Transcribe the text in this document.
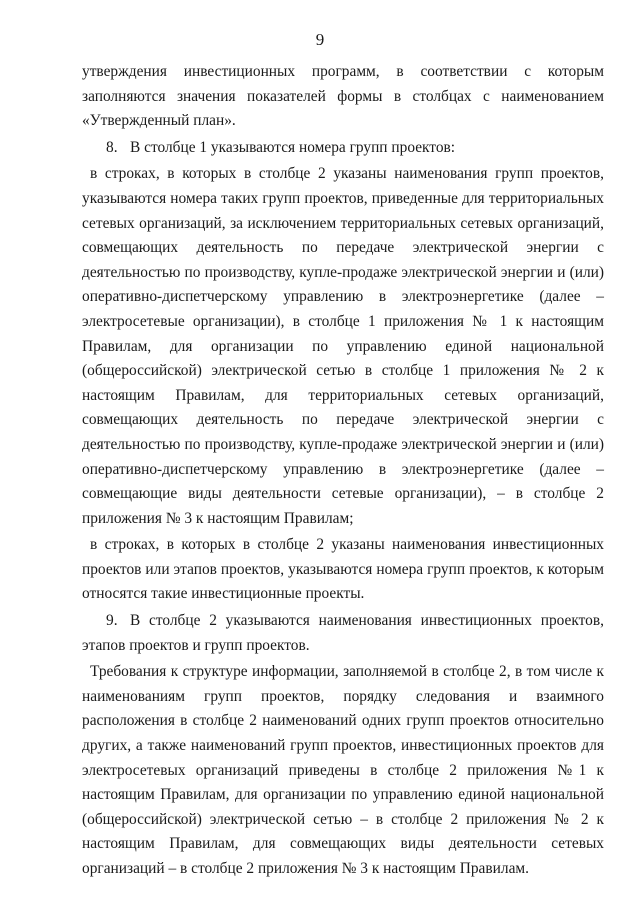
9

утверждения инвестиционных программ, в соответствии с которым заполняются значения показателей формы в столбцах с наименованием «Утвержденный план».

8. В столбце 1 указываются номера групп проектов:

в строках, в которых в столбце 2 указаны наименования групп проектов, указываются номера таких групп проектов, приведенные для территориальных сетевых организаций, за исключением территориальных сетевых организаций, совмещающих деятельность по передаче электрической энергии с деятельностью по производству, купле-продаже электрической энергии и (или) оперативно-диспетчерскому управлению в электроэнергетике (далее – электросетевые организации), в столбце 1 приложения № 1 к настоящим Правилам, для организации по управлению единой национальной (общероссийской) электрической сетью в столбце 1 приложения № 2 к настоящим Правилам, для территориальных сетевых организаций, совмещающих деятельность по передаче электрической энергии с деятельностью по производству, купле-продаже электрической энергии и (или) оперативно-диспетчерскому управлению в электроэнергетике (далее – совмещающие виды деятельности сетевые организации), – в столбце 2 приложения № 3 к настоящим Правилам;

в строках, в которых в столбце 2 указаны наименования инвестиционных проектов или этапов проектов, указываются номера групп проектов, к которым относятся такие инвестиционные проекты.

9. В столбце 2 указываются наименования инвестиционных проектов, этапов проектов и групп проектов.

Требования к структуре информации, заполняемой в столбце 2, в том числе к наименованиям групп проектов, порядку следования и взаимного расположения в столбце 2 наименований одних групп проектов относительно других, а также наименований групп проектов, инвестиционных проектов для электросетевых организаций приведены в столбце 2 приложения №1 к настоящим Правилам, для организации по управлению единой национальной (общероссийской) электрической сетью – в столбце 2 приложения № 2 к настоящим Правилам, для совмещающих виды деятельности сетевых организаций – в столбце 2 приложения № 3 к настоящим Правилам.
